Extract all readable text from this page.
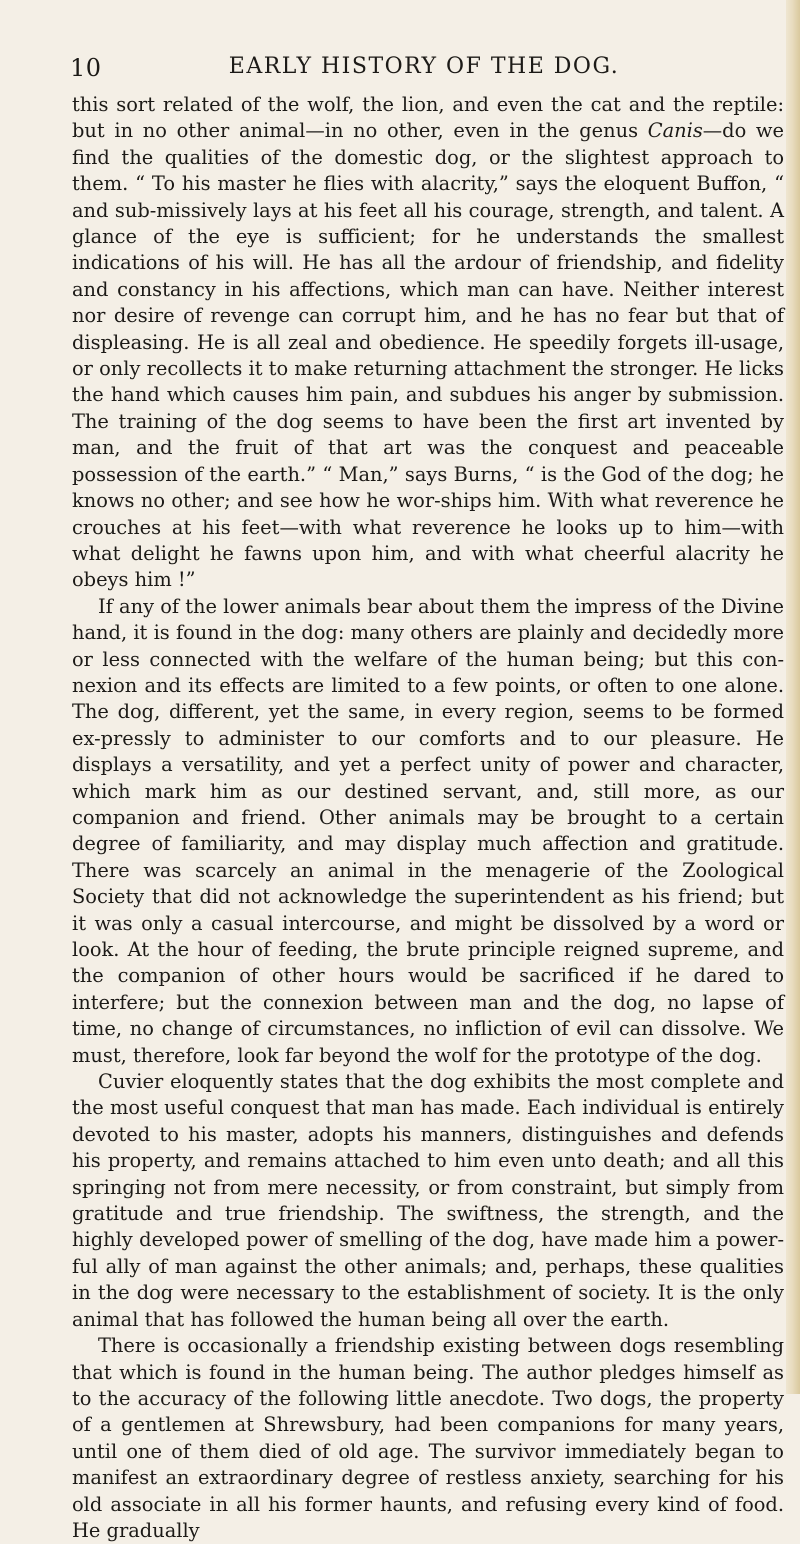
10	EARLY HISTORY OF THE DOG.

this sort related of the wolf, the lion, and even the cat and the reptile: but in no other animal—in no other, even in the genus Canis—do we find the qualities of the domestic dog, or the slightest approach to them. “ To his master he flies with alacrity,” says the eloquent Buffon, “ and sub-missively lays at his feet all his courage, strength, and talent. A glance of the eye is sufficient; for he understands the smallest indications of his will. He has all the ardour of friendship, and fidelity and constancy in his affections, which man can have. Neither interest nor desire of revenge can corrupt him, and he has no fear but that of displeasing. He is all zeal and obedience. He speedily forgets ill-usage, or only recollects it to make returning attachment the stronger. He licks the hand which causes him pain, and subdues his anger by submission. The training of the dog seems to have been the first art invented by man, and the fruit of that art was the conquest and peaceable possession of the earth.” “ Man,” says Burns, “ is the God of the dog; he knows no other; and see how he wor-ships him. With what reverence he crouches at his feet—with what reverence he looks up to him—with what delight he fawns upon him, and with what cheerful alacrity he obeys him !”

If any of the lower animals bear about them the impress of the Divine hand, it is found in the dog: many others are plainly and decidedly more or less connected with the welfare of the human being; but this con-nexion and its effects are limited to a few points, or often to one alone. The dog, different, yet the same, in every region, seems to be formed ex-pressly to administer to our comforts and to our pleasure. He displays a versatility, and yet a perfect unity of power and character, which mark him as our destined servant, and, still more, as our companion and friend. Other animals may be brought to a certain degree of familiarity, and may display much affection and gratitude. There was scarcely an animal in the menagerie of the Zoological Society that did not acknowledge the superintendent as his friend; but it was only a casual intercourse, and might be dissolved by a word or look. At the hour of feeding, the brute principle reigned supreme, and the companion of other hours would be sacrificed if he dared to interfere; but the connexion between man and the dog, no lapse of time, no change of circumstances, no infliction of evil can dissolve. We must, therefore, look far beyond the wolf for the prototype of the dog.

Cuvier eloquently states that the dog exhibits the most complete and the most useful conquest that man has made. Each individual is entirely devoted to his master, adopts his manners, distinguishes and defends his property, and remains attached to him even unto death; and all this springing not from mere necessity, or from constraint, but simply from gratitude and true friendship. The swiftness, the strength, and the highly developed power of smelling of the dog, have made him a power-ful ally of man against the other animals; and, perhaps, these qualities in the dog were necessary to the establishment of society. It is the only animal that has followed the human being all over the earth.

There is occasionally a friendship existing between dogs resembling that which is found in the human being. The author pledges himself as to the accuracy of the following little anecdote. Two dogs, the property of a gentlemen at Shrewsbury, had been companions for many years, until one of them died of old age. The survivor immediately began to manifest an extraordinary degree of restless anxiety, searching for his old associate in all his former haunts, and refusing every kind of food. He gradually
